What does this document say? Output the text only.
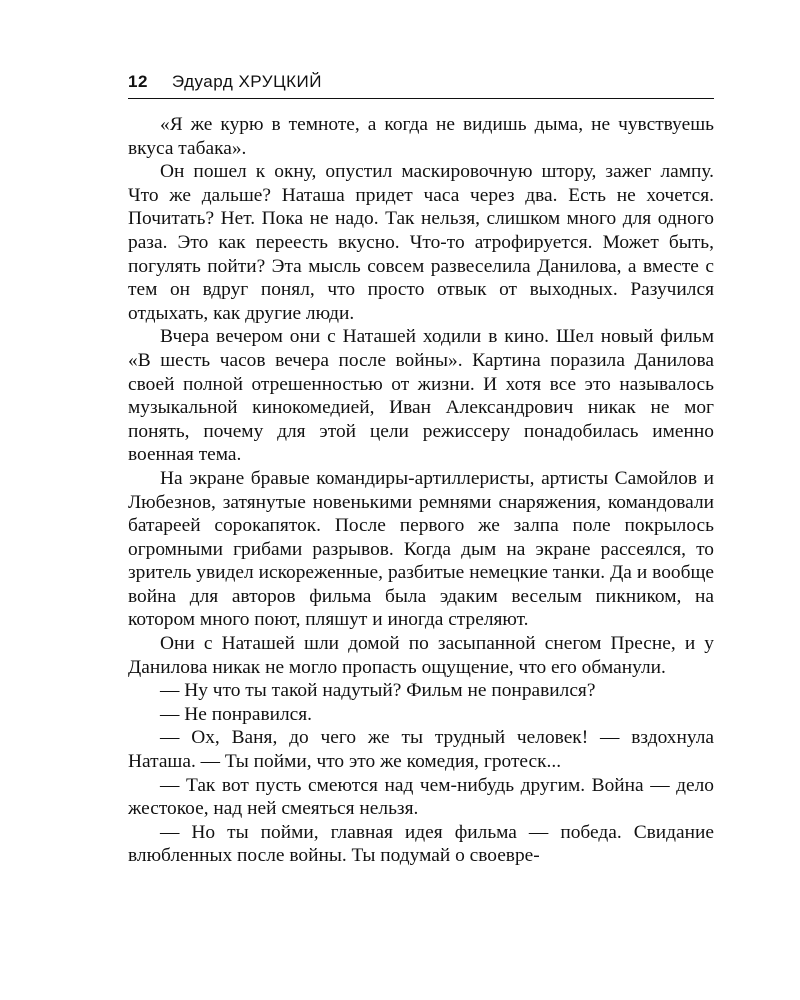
12 Эдуард ХРУЦКИЙ

«Я же курю в темноте, а когда не видишь дыма, не чувствуешь вкуса табака».

Он пошел к окну, опустил маскировочную штору, зажег лампу. Что же дальше? Наташа придет часа через два. Есть не хочется. Почитать? Нет. Пока не надо. Так нельзя, слишком много для одного раза. Это как переесть вкусно. Что-то атрофируется. Может быть, погулять пойти? Эта мысль совсем развеселила Данилова, а вместе с тем он вдруг понял, что просто отвык от выходных. Разучился отдыхать, как другие люди.

Вчера вечером они с Наташей ходили в кино. Шел новый фильм «В шесть часов вечера после войны». Картина поразила Данилова своей полной отрешенностью от жизни. И хотя все это называлось музыкальной кинокомедией, Иван Александрович никак не мог понять, почему для этой цели режиссеру понадобилась именно военная тема.

На экране бравые командиры-артиллеристы, артисты Самойлов и Любезнов, затянутые новенькими ремнями снаряжения, командовали батареей сорокапяток. После первого же залпа поле покрылось огромными грибами разрывов. Когда дым на экране рассеялся, то зритель увидел искореженные, разбитые немецкие танки. Да и вообще война для авторов фильма была эдаким веселым пикником, на котором много поют, пляшут и иногда стреляют.

Они с Наташей шли домой по засыпанной снегом Пресне, и у Данилова никак не могло пропасть ощущение, что его обманули.

— Ну что ты такой надутый? Фильм не понравился?

— Не понравился.

— Ох, Ваня, до чего же ты трудный человек! — вздохнула Наташа. — Ты пойми, что это же комедия, гротеск...

— Так вот пусть смеются над чем-нибудь другим. Война — дело жестокое, над ней смеяться нельзя.

— Но ты пойми, главная идея фильма — победа. Свидание влюбленных после войны. Ты подумай о своевре-
